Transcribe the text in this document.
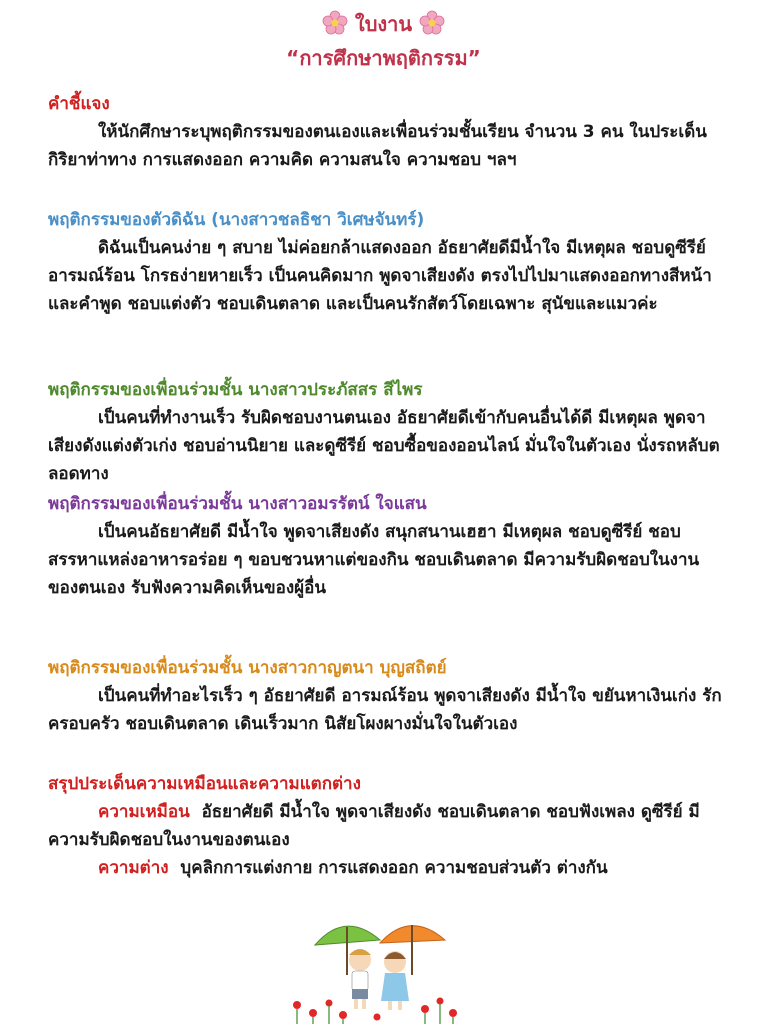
ใบงาน
“การศึกษาพฤติกรรม”
คำชี้แจง

ให้นักศึกษาระบุพฤติกรรมของตนเองและเพื่อนร่วมชั้นเรียน จำนวน 3 คน ในประเด็นกิริยาท่าทาง การแสดงออก ความคิด ความสนใจ ความชอบ ฯลฯ

พฤติกรรมของตัวดิฉัน (นางสาวชลธิชา วิเศษจันทร์)

ดิฉันเป็นคนง่าย ๆ สบาย ไม่ค่อยกล้าแสดงออก อัธยาศัยดีมีน้ำใจ มีเหตุผล ชอบดูซีรีย์ อารมณ์ร้อน โกรธง่ายหายเร็ว เป็นคนคิดมาก พูดจาเสียงดัง ตรงไปไปมาแสดงออกทางสีหน้าและคำพูด ชอบแต่งตัว ชอบเดินตลาด และเป็นคนรักสัตว์โดยเฉพาะ สุนัขและแมวค่ะ

พฤติกรรมของเพื่อนร่วมชั้น นางสาวประภัสสร สีไพร

เป็นคนที่ทำงานเร็ว รับผิดชอบงานตนเอง อัธยาศัยดีเข้ากับคนอื่นได้ดี มีเหตุผล พูดจาเสียงดังแต่งตัวเก่ง ชอบอ่านนิยาย และดูซีรีย์ ชอบซื้อของออนไลน์ มั่นใจในตัวเอง นั่งรถหลับตลอดทาง

พฤติกรรมของเพื่อนร่วมชั้น นางสาวอมรรัตน์ ใจแสน

เป็นคนอัธยาศัยดี มีน้ำใจ พูดจาเสียงดัง สนุกสนานเฮฮา มีเหตุผล ชอบดูซีรีย์ ชอบสรรหาแหล่งอาหารอร่อย ๆ ขอบชวนหาแต่ของกิน ชอบเดินตลาด มีความรับผิดชอบในงานของตนเอง รับฟังความคิดเห็นของผู้อื่น

พฤติกรรมของเพื่อนร่วมชั้น นางสาวกาญตนา บุญสถิตย์

เป็นคนที่ทำอะไรเร็ว ๆ อัธยาศัยดี อารมณ์ร้อน พูดจาเสียงดัง มีน้ำใจ ขยันหาเงินเก่ง รักครอบครัว ชอบเดินตลาด เดินเร็วมาก นิสัยโผงผางมั่นใจในตัวเอง

สรุปประเด็นความเหมือนและความแตกต่าง

ความเหมือน อัธยาศัยดี มีน้ำใจ พูดจาเสียงดัง ชอบเดินตลาด ชอบฟังเพลง ดูซีรีย์ มีความรับผิดชอบในงานของตนเอง

ความต่าง บุคลิกการแต่งกาย การแสดงออก ความชอบส่วนตัว ต่างกัน
